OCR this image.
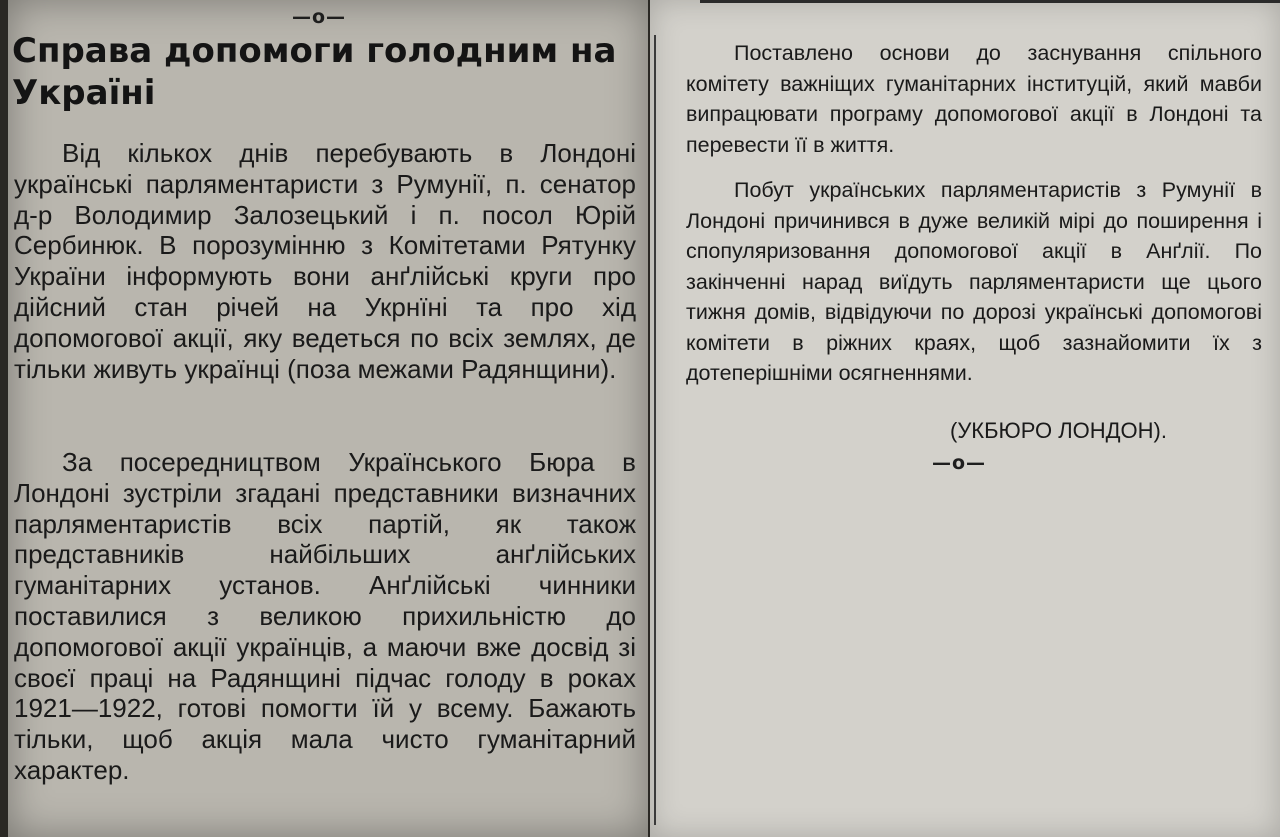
—o—
Справа допомоги голодним на Україні

Від кількох днів перебувають в Лондоні українські парляментаристи з Румунії, п. сенатор д-р Володимир Залозецький і п. посол Юрій Сербинюк. В порозумінню з Комітетами Рятунку України інформують вони анґлійські круги про дійсний стан річей на Укрнїні та про хід допомогової акції, яку ведеться по всіх землях, де тільки живуть українці (поза межами Радянщини).

За посередництвом Українського Бюра в Лондоні зустріли згадані представники визначних парляментаристів всіх партій, як також представників найбільших анґлійських гуманітарних установ. Анґлійські чинники поставилися з великою прихильністю до допомогової акції українців, а маючи вже досвід зі своєї праці на Радянщині підчас голоду в роках 1921—1922, готові помогти їй у всему. Бажають тільки, щоб акція мала чисто гуманітарний характер.

Поставлено основи до заснування спільного комітету важніщих гуманітарних інституцій, який мавби випрацювати програму допомогової акції в Лондоні та перевести її в життя.

Побут українських парляментаристів з Румунії в Лондоні причинився в дуже великій мірі до поширення і спопуляризовання допомогової акції в Анґлії. По закінченні нарад виїдуть парляментаристи ще цього тижня домів, відвідуючи по дорозі українські допомогові комітети в ріжних краях, щоб зазнайомити їх з дотеперішніми осягненнями.

(УКБЮРО ЛОНДОН).

—o—
